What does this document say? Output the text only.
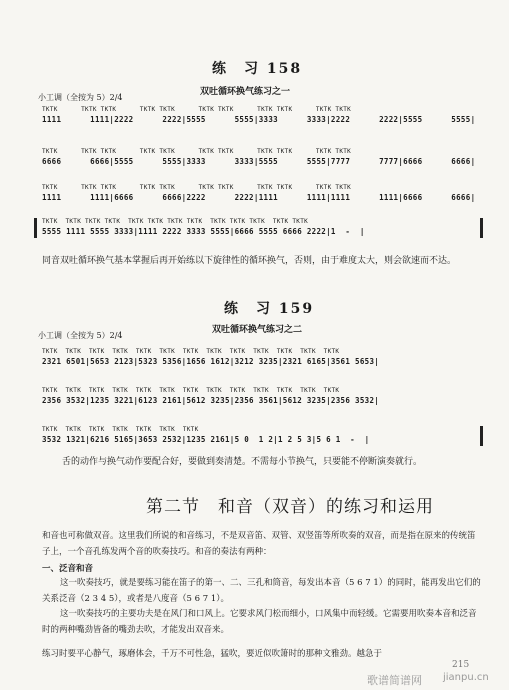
练　习 158
双吐循环换气练习之一
小工调（全按为 5）2/4
TKTK      TKTK TKTK      TKTK TKTK      TKTK TKTK      TKTK TKTK      TKTK TKTK
1111      1111|2222      2222|5555      5555|3333      3333|2222      2222|5555      5555|
TKTK      TKTK TKTK      TKTK TKTK      TKTK TKTK      TKTK TKTK      TKTK TKTK
6666      6666|5555      5555|3333      3333|5555      5555|7777      7777|6666      6666|
TKTK      TKTK TKTK      TKTK TKTK      TKTK TKTK      TKTK TKTK      TKTK TKTK
1111      1111|6666      6666|2222      2222|1111      1111|1111      1111|6666      6666|
TKTK  TKTK TKTK TKTK  TKTK TKTK TKTK TKTK  TKTK TKTK TKTK  TKTK TKTK
5555 1111 5555 3333|1111 2222 3333 5555|6666 5555 6666 2222|1  -  |
同音双吐循环换气基本掌握后再开始练以下旋律性的循环换气，否则，由于难度太大，则会欲速而不达。
练　习 159
双吐循环换气练习之二
小工调（全按为 5）2/4
TKTK  TKTK  TKTK  TKTK  TKTK  TKTK  TKTK  TKTK  TKTK  TKTK  TKTK  TKTK  TKTK
2321 6501|5653 2123|5323 5356|1656 1612|3212 3235|2321 6165|3561 5653|
TKTK  TKTK  TKTK  TKTK  TKTK  TKTK  TKTK  TKTK  TKTK  TKTK  TKTK  TKTK  TKTK
2356 3532|1235 3221|6123 2161|5612 3235|2356 3561|5612 3235|2356 3532|
TKTK  TKTK  TKTK  TKTK  TKTK  TKTK  TKTK
3532 1321|6216 5165|3653 2532|1235 2161|5 0  1 2|1 2 5 3|5 6 1  -  |
舌的动作与换气动作要配合好，要做到奏清楚。不需每小节换气，只要能不停断演奏就行。
第二节　和音（双音）的练习和运用
和音也可称做双音。这里我们所说的和音练习，不是双音笛、双管、双竖笛等所吹奏的双音，而是指在原来的传统笛子上，一个音孔练发两个音的吹奏技巧。和音的奏法有两种：
一、泛音和音
这一吹奏技巧，就是要练习能在笛子的第一、二、三孔和筒音，每发出本音（5 6 7 1）的同时，能再发出它们的关系泛音（2 3 4 5），或者是八度音（5 6 7 1）。
这一吹奏技巧的主要功夫是在风门和口风上。它要求风门松而细小，口风集中而轻缓。它需要用吹奏本音和泛音时的两种嘴劲皆备的嘴劲去吹，才能发出双音来。
练习时要平心静气，琢磨体会，千万不可性急，猛吹，要近似吹箫时的那种文雅劲。越急于
215
歌谱简谱网 jianpu.cn
